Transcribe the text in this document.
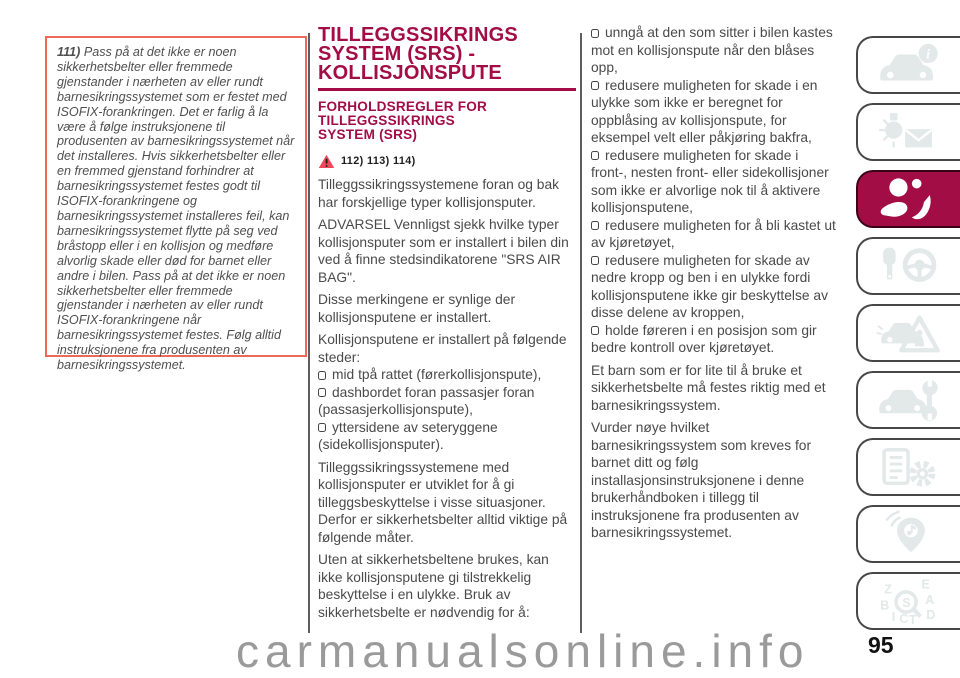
111) Pass på at det ikke er noen sikkerhetsbelter eller fremmede gjenstander i nærheten av eller rundt barnesikringssystemet som er festet med ISOFIX-forankringen. Det er farlig å la være å følge instruksjonene til produsenten av barnesikringssystemet når det installeres. Hvis sikkerhetsbelter eller en fremmed gjenstand forhindrer at barnesikringssystemet festes godt til ISOFIX-forankringene og barnesikringssystemet installeres feil, kan barnesikringssystemet flytte på seg ved bråstopp eller i en kollisjon og medføre alvorlig skade eller død for barnet eller andre i bilen. Pass på at det ikke er noen sikkerhetsbelter eller fremmede gjenstander i nærheten av eller rundt ISOFIX-forankringene når barnesikringssystemet festes. Følg alltid instruksjonene fra produsenten av barnesikringssystemet.

TILLEGGSSIKRINGS
SYSTEM (SRS) -
KOLLISJONSPUTE
FORHOLDSREGLER FOR
TILLEGGSSIKRINGS
SYSTEM (SRS)
112) 113) 114)

Tilleggssikringssystemene foran og bak har forskjellige typer kollisjonsputer.

ADVARSEL Vennligst sjekk hvilke typer kollisjonsputer som er installert i bilen din ved å finne stedsindikatorene "SRS AIR BAG".

Disse merkingene er synlige der kollisjonsputene er installert.

Kollisjonsputene er installert på følgende steder:

mid tpå rattet (førerkollisjonspute),

dashbordet foran passasjer foran (passasjerkollisjonspute),

yttersidene av seteryggene (sidekollisjonsputer).

Tilleggssikringssystemene med kollisjonsputer er utviklet for å gi tilleggsbeskyttelse i visse situasjoner. Derfor er sikkerhetsbelter alltid viktige på følgende måter.

Uten at sikkerhetsbeltene brukes, kan ikke kollisjonsputene gi tilstrekkelig beskyttelse i en ulykke. Bruk av sikkerhetsbelte er nødvendig for å:

unngå at den som sitter i bilen kastes mot en kollisjonspute når den blåses opp,

redusere muligheten for skade i en ulykke som ikke er beregnet for oppblåsing av kollisjonspute, for eksempel velt eller påkjøring bakfra,

redusere muligheten for skade i front-, nesten front- eller sidekollisjoner som ikke er alvorlige nok til å aktivere kollisjonsputene,

redusere muligheten for å bli kastet ut av kjøretøyet,

redusere muligheten for skade av nedre kropp og ben i en ulykke fordi kollisjonsputene ikke gir beskyttelse av disse delene av kroppen,

holde føreren i en posisjon som gir bedre kontroll over kjøretøyet.

Et barn som er for lite til å bruke et sikkerhetsbelte må festes riktig med et barnesikringssystem.

Vurder nøye hvilket barnesikringssystem som kreves for barnet ditt og følg installasjonsinstruksjonene i denne brukerhåndboken i tillegg til instruksjonene fra produsenten av barnesikringssystemet.

i
Z E
B	A
D
I C T
S
carmanualsonline.info	95
